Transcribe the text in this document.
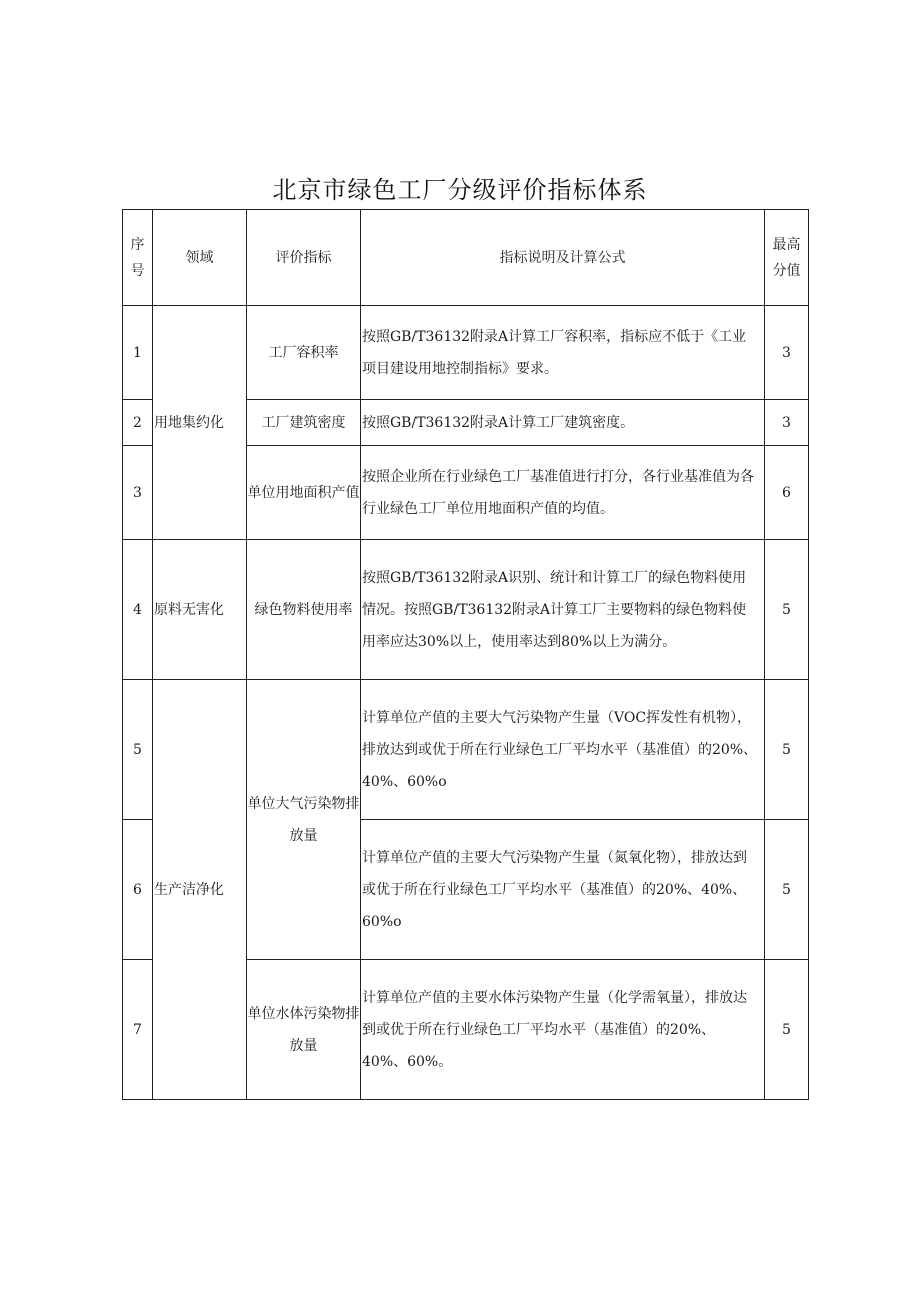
北京市绿色工厂分级评价指标体系
序
号	领域	评价指标	指标说明及计算公式	最高
分值
1	用地集约化	工厂容积率	按照GB/T36132附录A计算工厂容积率，指标应不低于《工业项目建设用地控制指标》要求。	3
2		工厂建筑密度	按照GB/T36132附录A计算工厂建筑密度。	3
3		单位用地面积产值	按照企业所在行业绿色工厂基准值进行打分，各行业基准值为各行业绿色工厂单位用地面积产值的均值。	6
4	原料无害化	绿色物料使用率	按照GB/T36132附录A识别、统计和计算工厂的绿色物料使用情况。按照GB/T36132附录A计算工厂主要物料的绿色物料使用率应达30%以上，使用率达到80%以上为满分。	5
5	生产洁净化	单位大气污染物排放量	计算单位产值的主要大气污染物产生量（VOC挥发性有机物），排放达到或优于所在行业绿色工厂平均水平（基准值）的20%、40%、60%o	5
6			计算单位产值的主要大气污染物产生量（氮氧化物），排放达到或优于所在行业绿色工厂平均水平（基准值）的20%、40%、60%o	5
7		单位水体污染物排放量	计算单位产值的主要水体污染物产生量（化学需氧量），排放达到或优于所在行业绿色工厂平均水平（基准值）的20%、40%、60%。	5
